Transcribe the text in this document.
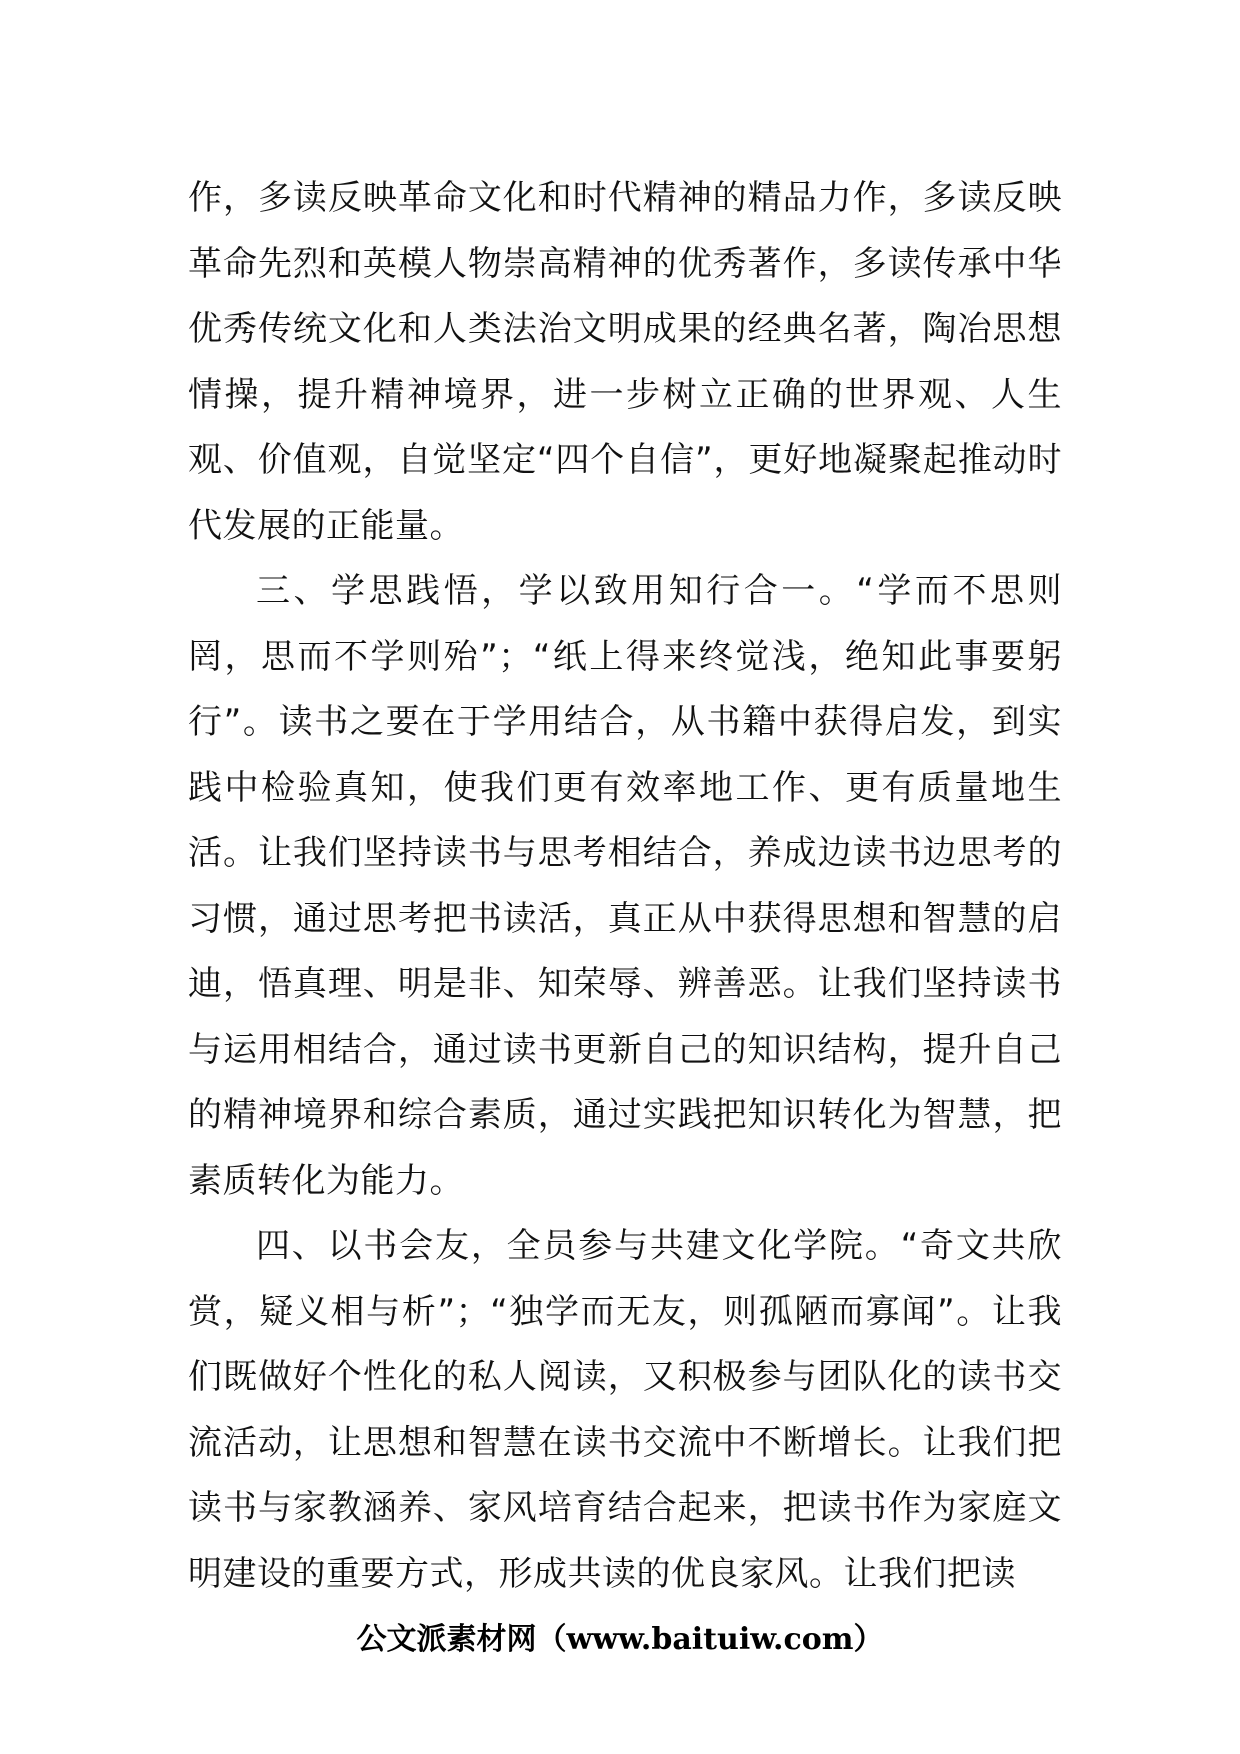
作，多读反映革命文化和时代精神的精品力作，多读反映革命先烈和英模人物崇高精神的优秀著作，多读传承中华优秀传统文化和人类法治文明成果的经典名著，陶冶思想情操，提升精神境界，进一步树立正确的世界观、人生观、价值观，自觉坚定“四个自信”，更好地凝聚起推动时代发展的正能量。

三、学思践悟，学以致用知行合一。“学而不思则罔，思而不学则殆”；“纸上得来终觉浅，绝知此事要躬行”。读书之要在于学用结合，从书籍中获得启发，到实践中检验真知，使我们更有效率地工作、更有质量地生活。让我们坚持读书与思考相结合，养成边读书边思考的习惯，通过思考把书读活，真正从中获得思想和智慧的启迪，悟真理、明是非、知荣辱、辨善恶。让我们坚持读书与运用相结合，通过读书更新自己的知识结构，提升自己的精神境界和综合素质，通过实践把知识转化为智慧，把素质转化为能力。

四、以书会友，全员参与共建文化学院。“奇文共欣赏，疑义相与析”；“独学而无友，则孤陋而寡闻”。让我们既做好个性化的私人阅读，又积极参与团队化的读书交流活动，让思想和智慧在读书交流中不断增长。让我们把读书与家教涵养、家风培育结合起来，把读书作为家庭文明建设的重要方式，形成共读的优良家风。让我们把读

公文派素材网（www.baituiw.com）
